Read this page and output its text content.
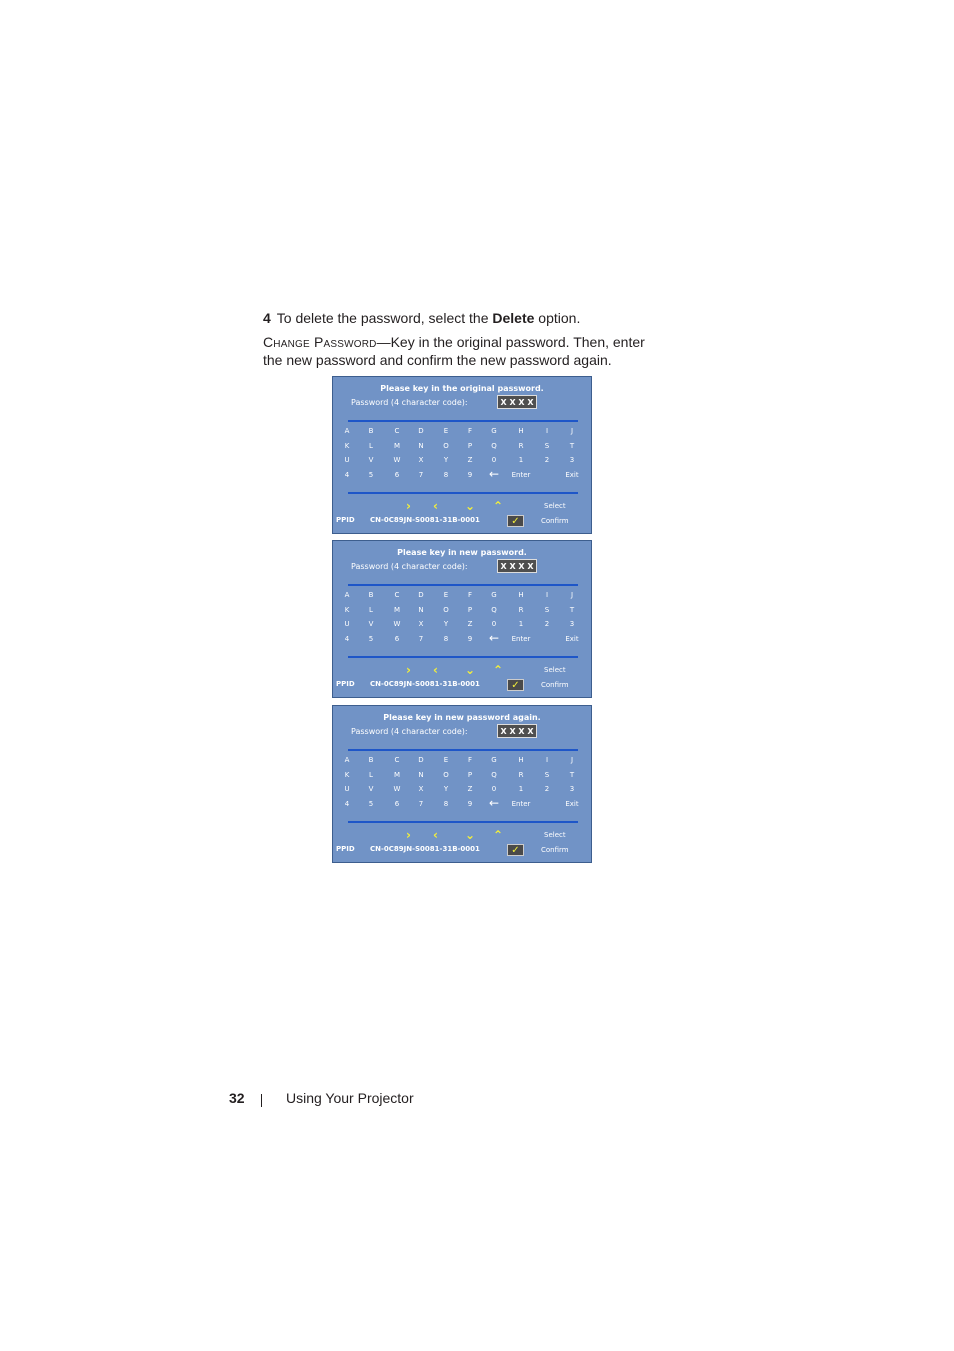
4 To delete the password, select the Delete option.
Change Password—Key in the original password. Then, enter the new password and confirm the new password again.
Please key in the original password.
Password (4 character code):	X X X X
A	B	C	D	E	F	G	H	I	J
K	L	M	N	O	P	Q	R	S	T
U	V	W	X	Y	Z	0	1	2	3
4	5	6	7	8	9	←	Enter	Exit
› ‹ ⌄ ⌃	Select
Confirm
PPID CN-0C89JN-S0081-31B-0001	✓
Please key in new password.
Password (4 character code):	X X X X
A	B	C	D	E	F	G	H	I	J
K	L	M	N	O	P	Q	R	S	T
U	V	W	X	Y	Z	0	1	2	3
4	5	6	7	8	9	←	Enter	Exit
› ‹ ⌄ ⌃	Select
Confirm
PPID CN-0C89JN-S0081-31B-0001	✓
Please key in new password again.
Password (4 character code):	X X X X
A	B	C	D	E	F	G	H	I	J
K	L	M	N	O	P	Q	R	S	T
U	V	W	X	Y	Z	0	1	2	3
4	5	6	7	8	9	←	Enter	Exit
› ‹ ⌄ ⌃	Select
Confirm
PPID CN-0C89JN-S0081-31B-0001	✓
32	Using Your Projector
